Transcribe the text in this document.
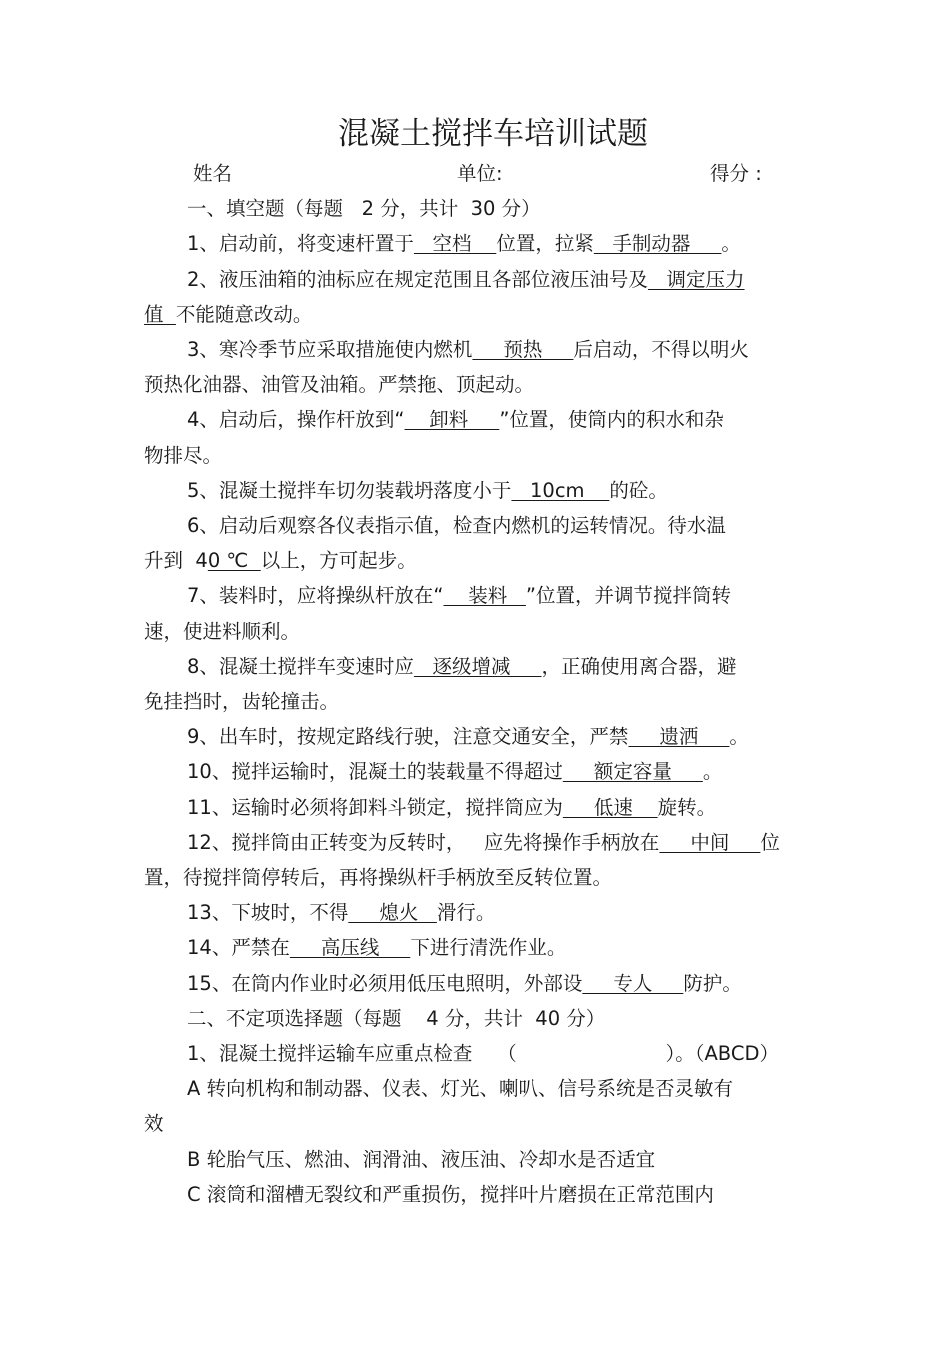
混凝土搅拌车培训试题
姓名	单位:	得分 :
一、填空题（每题   2 分，共计  30 分）
1、启动前，将变速杆置于   空档    位置，拉紧   手制动器     。
2、液压油箱的油标应在规定范围且各部位液压油号及   调定压力
值  不能随意改动。
3、寒冷季节应采取措施使内燃机     预热     后启动，不得以明火
预热化油器、油管及油箱。严禁拖、顶起动。
4、启动后，操作杆放到“    卸料     ”位置，使筒内的积水和杂
物排尽。
5、混凝土搅拌车切勿装载坍落度小于   10cm    的砼。
6、启动后观察各仪表指示值，检查内燃机的运转情况。待水温
升到  40 ℃  以上，方可起步。
7、装料时，应将操纵杆放在“    装料   ”位置，并调节搅拌筒转
速，使进料顺利。
8、混凝土搅拌车变速时应   逐级增减     ，正确使用离合器，避
免挂挡时，齿轮撞击。
9、出车时，按规定路线行驶，注意交通安全，严禁     遗洒     。
10、搅拌运输时，混凝土的装载量不得超过     额定容量     。
11、运输时必须将卸料斗锁定，搅拌筒应为     低速    旋转。
12、搅拌筒由正转变为反转时，   应先将操作手柄放在     中间     位
置，待搅拌筒停转后，再将操纵杆手柄放至反转位置。
13、下坡时，不得     熄火   滑行。
14、严禁在     高压线     下进行清洗作业。
15、在筒内作业时必须用低压电照明，外部设     专人     防护。
二、不定项选择题（每题    4 分，共计  40 分）
1、混凝土搅拌运输车应重点检查    （                        ）。（ABCD）
A 转向机构和制动器、仪表、灯光、喇叭、信号系统是否灵敏有
效
B 轮胎气压、燃油、润滑油、液压油、冷却水是否适宜
C 滚筒和溜槽无裂纹和严重损伤，搅拌叶片磨损在正常范围内
